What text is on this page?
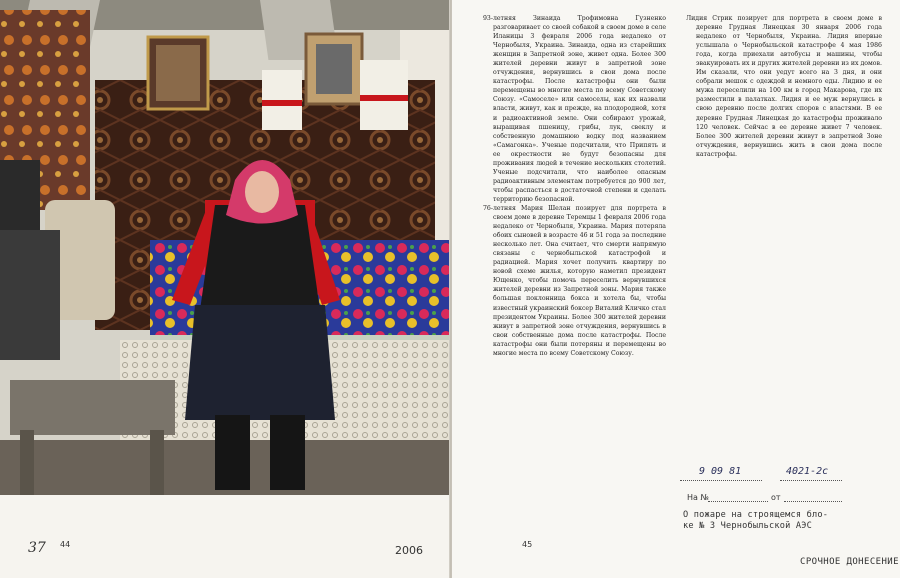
37 44	2006

93-летняя Зинаида Трофимовна Гузненко разговаривает со своей собакой в своем доме в селе Иланицы 3 февраля 2006 года недалеко от Чернобыля, Украина. Зинаида, одна из старейших женщин в Запретной зоне, живет одна. Более 300 жителей деревни живут в запретной зоне отчуждения, вернувшись в свои дома после катастрофы. После катастрофы они были перемещены во многие места по всему Советскому Союзу. «Самоселе» или самоселы, как их назвали власти, живут, как и прежде, на плодородной, хотя и радиоактивной земле. Они собирают урожай, выращивая пшеницу, грибы, лук, свеклу и собственную домашнюю водку под названием «Самагонка». Ученые подсчитали, что Припять и ее окрестности не будут безопасны для проживания людей в течение нескольких столетий. Ученые подсчитали, что наиболее опасным радиоактивным элементам потребуется до 900 лет, чтобы распасться в достаточной степени и сделать территорию безопасной.

76-летняя Мария Шелан позирует для портрета в своем доме в деревне Теремцы 1 февраля 2006 года недалеко от Чернобыля, Украина. Мария потеряла обоих сыновей в возрасте 46 и 51 года за последние несколько лет. Она считает, что смерти напрямую связаны с чернобыльской катастрофой и радиацией. Мария хочет получить квартиру по новой схеме жилья, которую наметил президент Ющенко, чтобы помочь переселить вернувшихся жителей деревни из Запретной зоны. Мария также большая поклонница бокса и хотела бы, чтобы известный украинский боксер Виталий Кличко стал президентом Украины. Более 300 жителей деревни живут в запретной зоне отчуждения, вернувшись в свои собственные дома после катастрофы. После катастрофы они были потеряны и перемещены во многие места по всему Советскому Союзу.

Лидия Стрик позирует для портрета в своем доме в деревне Грудная Линецкая 30 января 2006 года недалеко от Чернобыля, Украина. Лидия впервые услышала о Чернобыльской катастрофе 4 мая 1986 года, когда приехали автобусы и машины, чтобы эвакуировать их и других жителей деревни из их домов. Им сказали, что они уедут всего на 3 дня, и они собрали мешок с одеждой и немного еды. Лидию и ее мужа переселили на 100 км в город Макарова, где их разместили в палатках. Лидия и ее муж вернулись в свою деревню после долгих споров с властями. В ее деревне Грудная Линецкая до катастрофы проживало 120 человек. Сейчас в ее деревне живет 7 человек. Более 300 жителей деревни живут в запретной Зоне отчуждения, вернувшись жить в свои дома после катастрофы.

45
9 09 81	4021-2с
На №	от
О пожаре на строящемся бло-
ке № 3 Чернобыльской АЭС
СРОЧНОЕ ДОНЕСЕНИЕ
